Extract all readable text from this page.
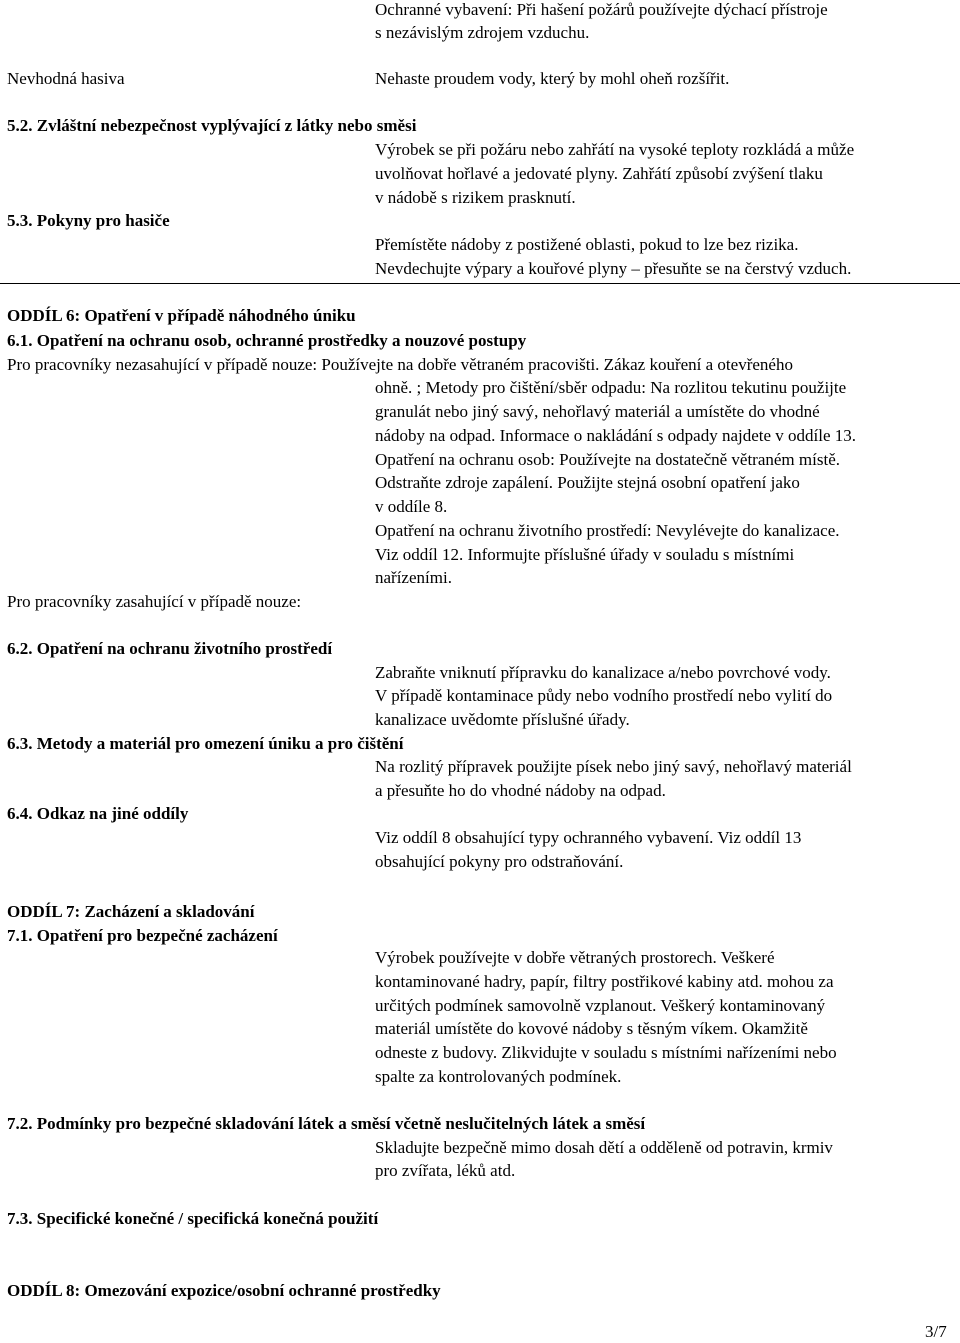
Ochranné vybavení: Při hašení požárů používejte dýchací přístroje
s nezávislým zdrojem vzduchu.
Nevhodná hasiva	Nehaste proudem vody, který by mohl oheň rozšířit.
5.2. Zvláštní nebezpečnost vyplývající z látky nebo směsi
Výrobek se při požáru nebo zahřátí na vysoké teploty rozkládá a může
uvolňovat hořlavé a jedovaté plyny. Zahřátí způsobí zvýšení tlaku
v nádobě s rizikem prasknutí.
5.3. Pokyny pro hasiče
Přemístěte nádoby z postižené oblasti, pokud to lze bez rizika.
Nevdechujte výpary a kouřové plyny – přesuňte se na čerstvý vzduch.
ODDÍL 6: Opatření v případě náhodného úniku
6.1. Opatření na ochranu osob, ochranné prostředky a nouzové postupy
Pro pracovníky nezasahující v případě nouze: Používejte na dobře větraném pracovišti. Zákaz kouření a otevřeného
ohně. ; Metody pro čištění/sběr odpadu: Na rozlitou tekutinu použijte
granulát nebo jiný savý, nehořlavý materiál a umístěte do vhodné
nádoby na odpad. Informace o nakládání s odpady najdete v oddíle 13.
Opatření na ochranu osob: Používejte na dostatečně větraném místě.
Odstraňte zdroje zapálení. Použijte stejná osobní opatření jako
v oddíle 8.
Opatření na ochranu životního prostředí: Nevylévejte do kanalizace.
Viz oddíl 12. Informujte příslušné úřady v souladu s místními
nařízeními.
Pro pracovníky zasahující v případě nouze:
6.2. Opatření na ochranu životního prostředí
Zabraňte vniknutí přípravku do kanalizace a/nebo povrchové vody.
V případě kontaminace půdy nebo vodního prostředí nebo vylití do
kanalizace uvědomte příslušné úřady.
6.3. Metody a materiál pro omezení úniku a pro čištění
Na rozlitý přípravek použijte písek nebo jiný savý, nehořlavý materiál
a přesuňte ho do vhodné nádoby na odpad.
6.4. Odkaz na jiné oddíly
Viz oddíl 8 obsahující typy ochranného vybavení. Viz oddíl 13
obsahující pokyny pro odstraňování.
ODDÍL 7: Zacházení a skladování
7.1. Opatření pro bezpečné zacházení
Výrobek používejte v dobře větraných prostorech. Veškeré
kontaminované hadry, papír, filtry postřikové kabiny atd. mohou za
určitých podmínek samovolně vzplanout. Veškerý kontaminovaný
materiál umístěte do kovové nádoby s těsným víkem. Okamžitě
odneste z budovy. Zlikvidujte v souladu s místními nařízeními nebo
spalte za kontrolovaných podmínek.
7.2. Podmínky pro bezpečné skladování látek a směsí včetně neslučitelných látek a směsí
Skladujte bezpečně mimo dosah dětí a odděleně od potravin, krmiv
pro zvířata, léků atd.
7.3. Specifické konečné / specifická konečná použití
ODDÍL 8: Omezování expozice/osobní ochranné prostředky
3/7
